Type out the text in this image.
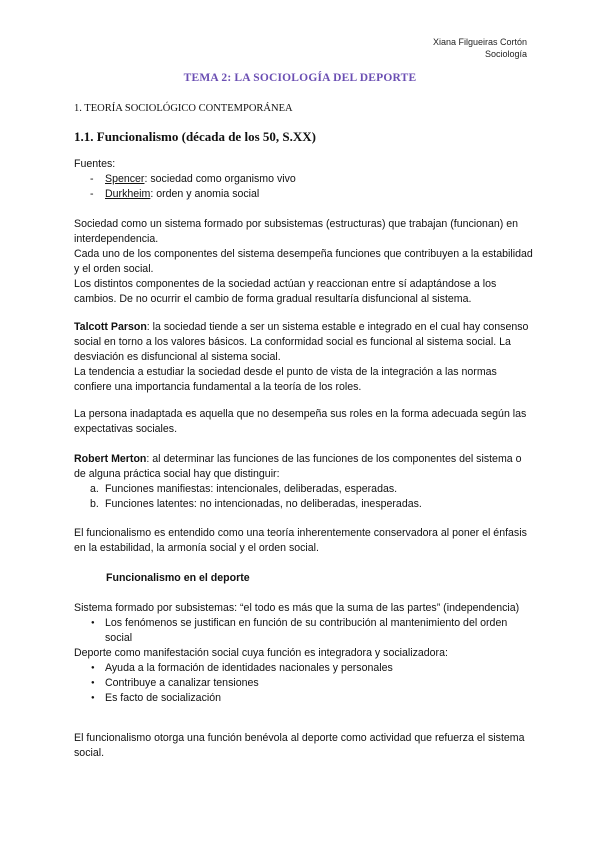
Xiana Filgueiras Cortón
Sociología
TEMA 2: LA SOCIOLOGÍA DEL DEPORTE
1. TEORÍA SOCIOLÓGICO CONTEMPORÁNEA
1.1. Funcionalismo (década de los 50, S.XX)

Fuentes:

- Spencer: sociedad como organismo vivo
- Durkheim: orden y anomia social

Sociedad como un sistema formado por subsistemas (estructuras) que trabajan (funcionan) en interdependencia.

Cada uno de los componentes del sistema desempeña funciones que contribuyen a la estabilidad y el orden social.

Los distintos componentes de la sociedad actúan y reaccionan entre sí adaptándose a los cambios. De no ocurrir el cambio de forma gradual resultaría disfuncional al sistema.

Talcott Parson: la sociedad tiende a ser un sistema estable e integrado en el cual hay consenso social en torno a los valores básicos. La conformidad social es funcional al sistema social. La desviación es disfuncional al sistema social.

La tendencia a estudiar la sociedad desde el punto de vista de la integración a las normas confiere una importancia fundamental a la teoría de los roles.

La persona inadaptada es aquella que no desempeña sus roles en la forma adecuada según las expectativas sociales.

Robert Merton: al determinar las funciones de las funciones de los componentes del sistema o de alguna práctica social hay que distinguir:

a. Funciones manifiestas: intencionales, deliberadas, esperadas.
b. Funciones latentes: no intencionadas, no deliberadas, inesperadas.
El funcionalismo es entendido como una teoría inherentemente conservadora al poner el énfasis en la estabilidad, la armonía social y el orden social.
Funcionalismo en el deporte

Sistema formado por subsistemas: “el todo es más que la suma de las partes” (independencia)

● Los fenómenos se justifican en función de su contribución al mantenimiento del orden social

Deporte como manifestación social cuya función es integradora y socializadora:

● Ayuda a la formación de identidades nacionales y personales
● Contribuye a canalizar tensiones
● Es facto de socialización
El funcionalismo otorga una función benévola al deporte como actividad que refuerza el sistema social.
